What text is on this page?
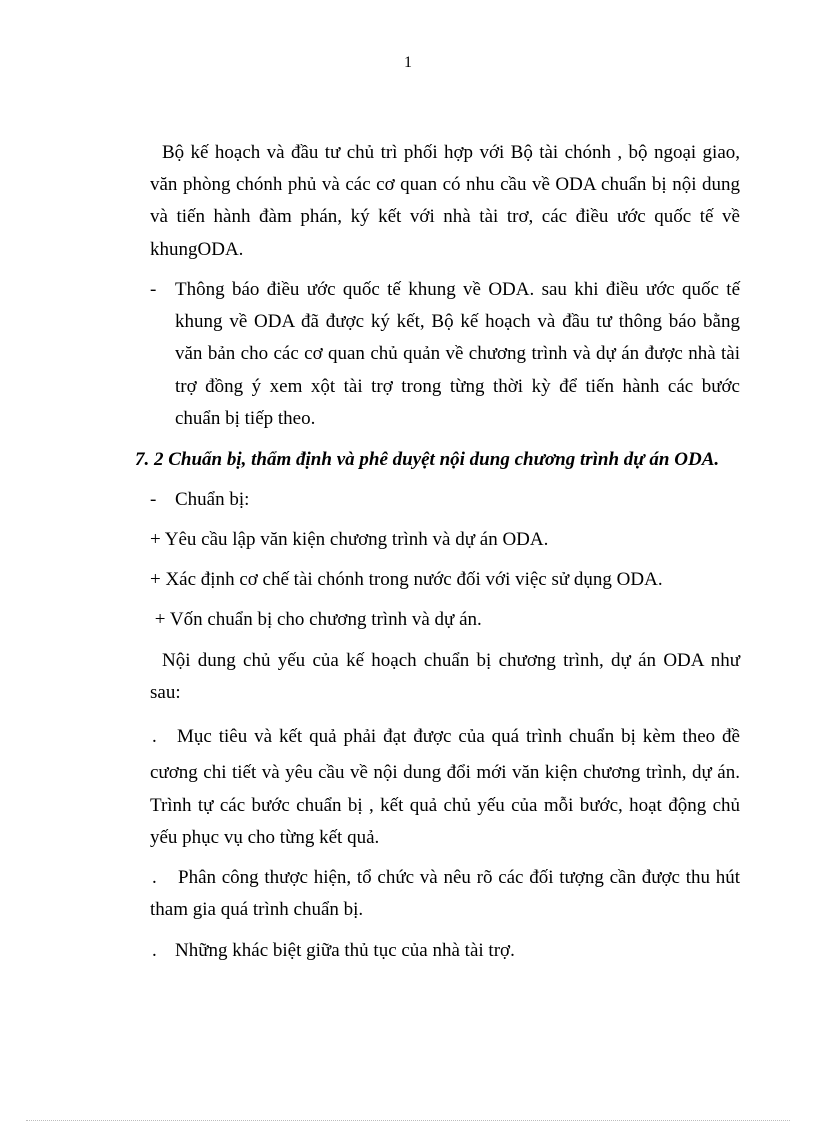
1
Bộ kế hoạch và đầu tư chủ trì phối hợp với Bộ tài chónh , bộ ngoại giao,
văn phòng chónh phủ và các cơ quan có nhu cầu về ODA chuẩn bị nội dung
và tiến hành đàm phán, ký kết với nhà tài trơ, các điều ước quốc tế về
khungODA.
- Thông báo điều ước quốc tế khung về ODA. sau khi điều ước quốc tế
khung về ODA đã được ký kết, Bộ kế hoạch và đầu tư thông báo bằng
văn bản cho các cơ quan chủ quản về chương trình và dự án được nhà tài
trợ đồng ý xem xột tài trợ trong từng thời kỳ để tiến hành các bước
chuẩn bị tiếp theo.
7. 2 Chuẩn bị, thẩm định và phê duyệt nội dung chương trình dự án ODA.
- Chuẩn bị:
+ Yêu cầu lập văn kiện chương trình và dự án ODA.
+ Xác định cơ chế tài chónh trong nước đối với việc sử dụng ODA.
+ Vốn chuẩn bị cho chương trình và dự án.
Nội dung chủ yếu của kế hoạch chuẩn bị chương trình, dự án ODA như
sau:
. Mục tiêu và kết quả phải đạt được của quá trình chuẩn bị kèm theo đề
cương chi tiết và yêu cầu về nội dung đổi mới văn kiện chương trình, dự án.
Trình tự các bước chuẩn bị , kết quả chủ yếu của mỗi bước, hoạt động chủ
yếu phục vụ cho từng kết quả.
. Phân công thược hiện, tổ chức và nêu rõ các đối tượng cần được thu hút
tham gia quá trình chuẩn bị.
. Những khác biệt giữa thủ tục của nhà tài trợ.
